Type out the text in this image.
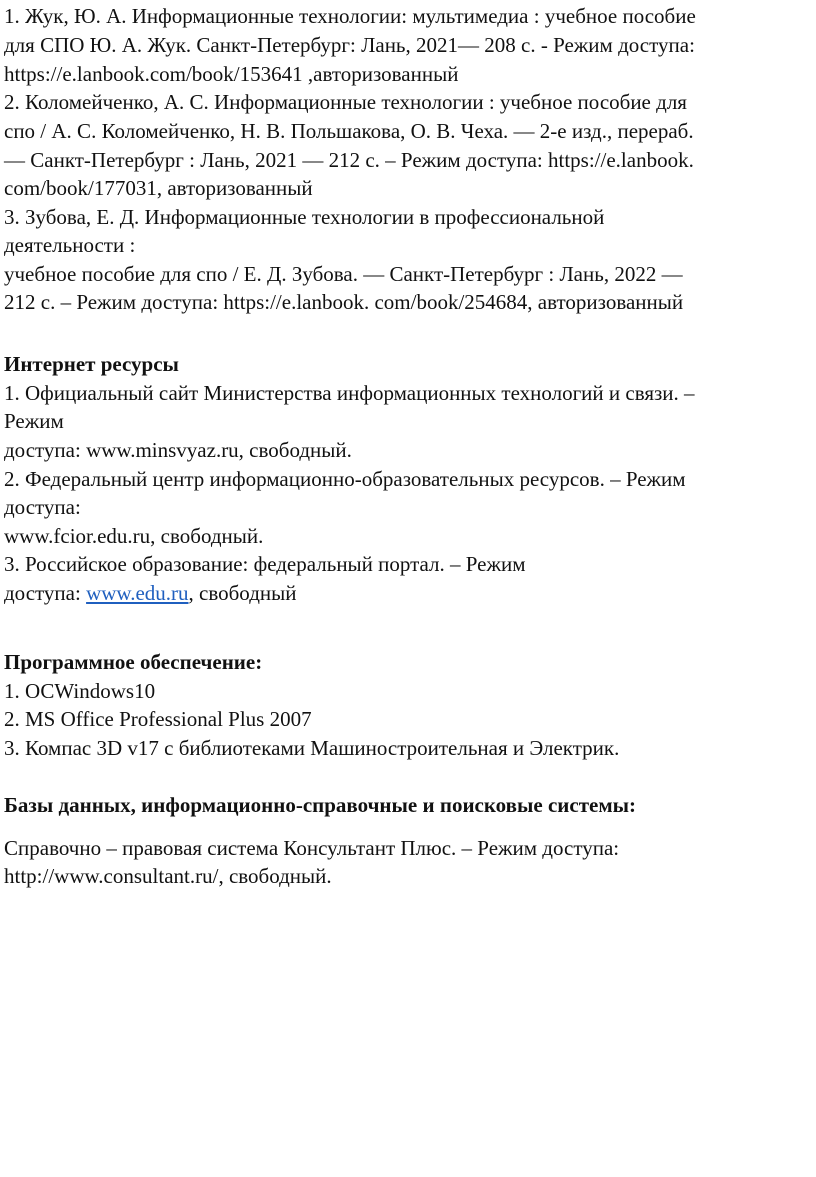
1. Жук, Ю. А. Информационные технологии: мультимедиа : учебное пособие
для СПО Ю. А. Жук. Санкт-Петербург: Лань, 2021— 208 с. - Режим доступа:
https://e.lanbook.com/book/153641 ,авторизованный
2. Коломейченко, А. С. Информационные технологии : учебное пособие для
спо / А. С. Коломейченко, Н. В. Польшакова, О. В. Чеха. — 2-е изд., перераб.
— Санкт-Петербург : Лань, 2021 — 212 с. – Режим доступа: https://e.lanbook.
com/book/177031, авторизованный
3. Зубова, Е. Д. Информационные технологии в профессиональной
деятельности :
учебное пособие для спо / Е. Д. Зубова. — Санкт-Петербург : Лань, 2022 —
212 с. – Режим доступа: https://e.lanbook. com/book/254684, авторизованный
Интернет ресурсы
1. Официальный сайт Министерства информационных технологий и связи. –
Режим
доступа: www.minsvyaz.ru, свободный.
2. Федеральный центр информационно-образовательных ресурсов. – Режим
доступа:
www.fcior.edu.ru, свободный.
3. Российское образование: федеральный портал. – Режим
доступа: www.edu.ru, свободный
Программное обеспечение:
1. ОСWindows10
2. MS Office Professional Plus 2007
3. Компас 3D v17 с библиотеками Машиностроительная и Электрик.
Базы данных, информационно-справочные и поисковые системы:
Справочно – правовая система Консультант Плюс. – Режим доступа:
http://www.consultant.ru/, свободный.
